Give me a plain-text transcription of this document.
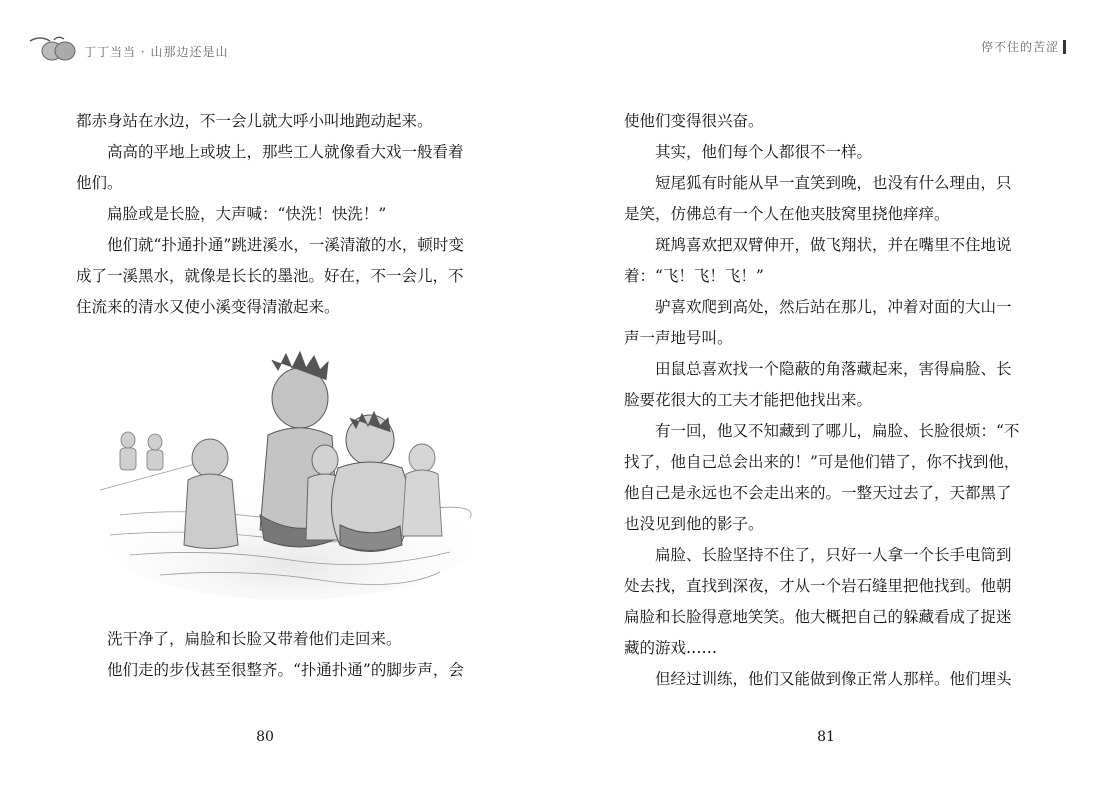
丁丁当当 · 山那边还是山

都赤身站在水边，不一会儿就大呼小叫地跑动起来。

高高的平地上或坡上，那些工人就像看大戏一般看着他们。

扁脸或是长脸，大声喊：“快洗！快洗！”

他们就“扑通扑通”跳进溪水，一溪清澈的水，顿时变成了一溪黑水，就像是长长的墨池。好在，不一会儿，不住流来的清水又使小溪变得清澈起来。

洗干净了，扁脸和长脸又带着他们走回来。

他们走的步伐甚至很整齐。“扑通扑通”的脚步声，会

80
停不住的苦涩

使他们变得很兴奋。

其实，他们每个人都很不一样。

短尾狐有时能从早一直笑到晚，也没有什么理由，只是笑，仿佛总有一个人在他夹肢窝里挠他痒痒。

斑鸠喜欢把双臂伸开，做飞翔状，并在嘴里不住地说着：“飞！飞！飞！”

驴喜欢爬到高处，然后站在那儿，冲着对面的大山一声一声地号叫。

田鼠总喜欢找一个隐蔽的角落藏起来，害得扁脸、长脸要花很大的工夫才能把他找出来。

有一回，他又不知藏到了哪儿，扁脸、长脸很烦：“不找了，他自己总会出来的！”可是他们错了，你不找到他，他自己是永远也不会走出来的。一整天过去了，天都黑了也没见到他的影子。

扁脸、长脸坚持不住了，只好一人拿一个长手电筒到处去找，直找到深夜，才从一个岩石缝里把他找到。他朝扁脸和长脸得意地笑笑。他大概把自己的躲藏看成了捉迷藏的游戏……

但经过训练，他们又能做到像正常人那样。他们埋头

81
